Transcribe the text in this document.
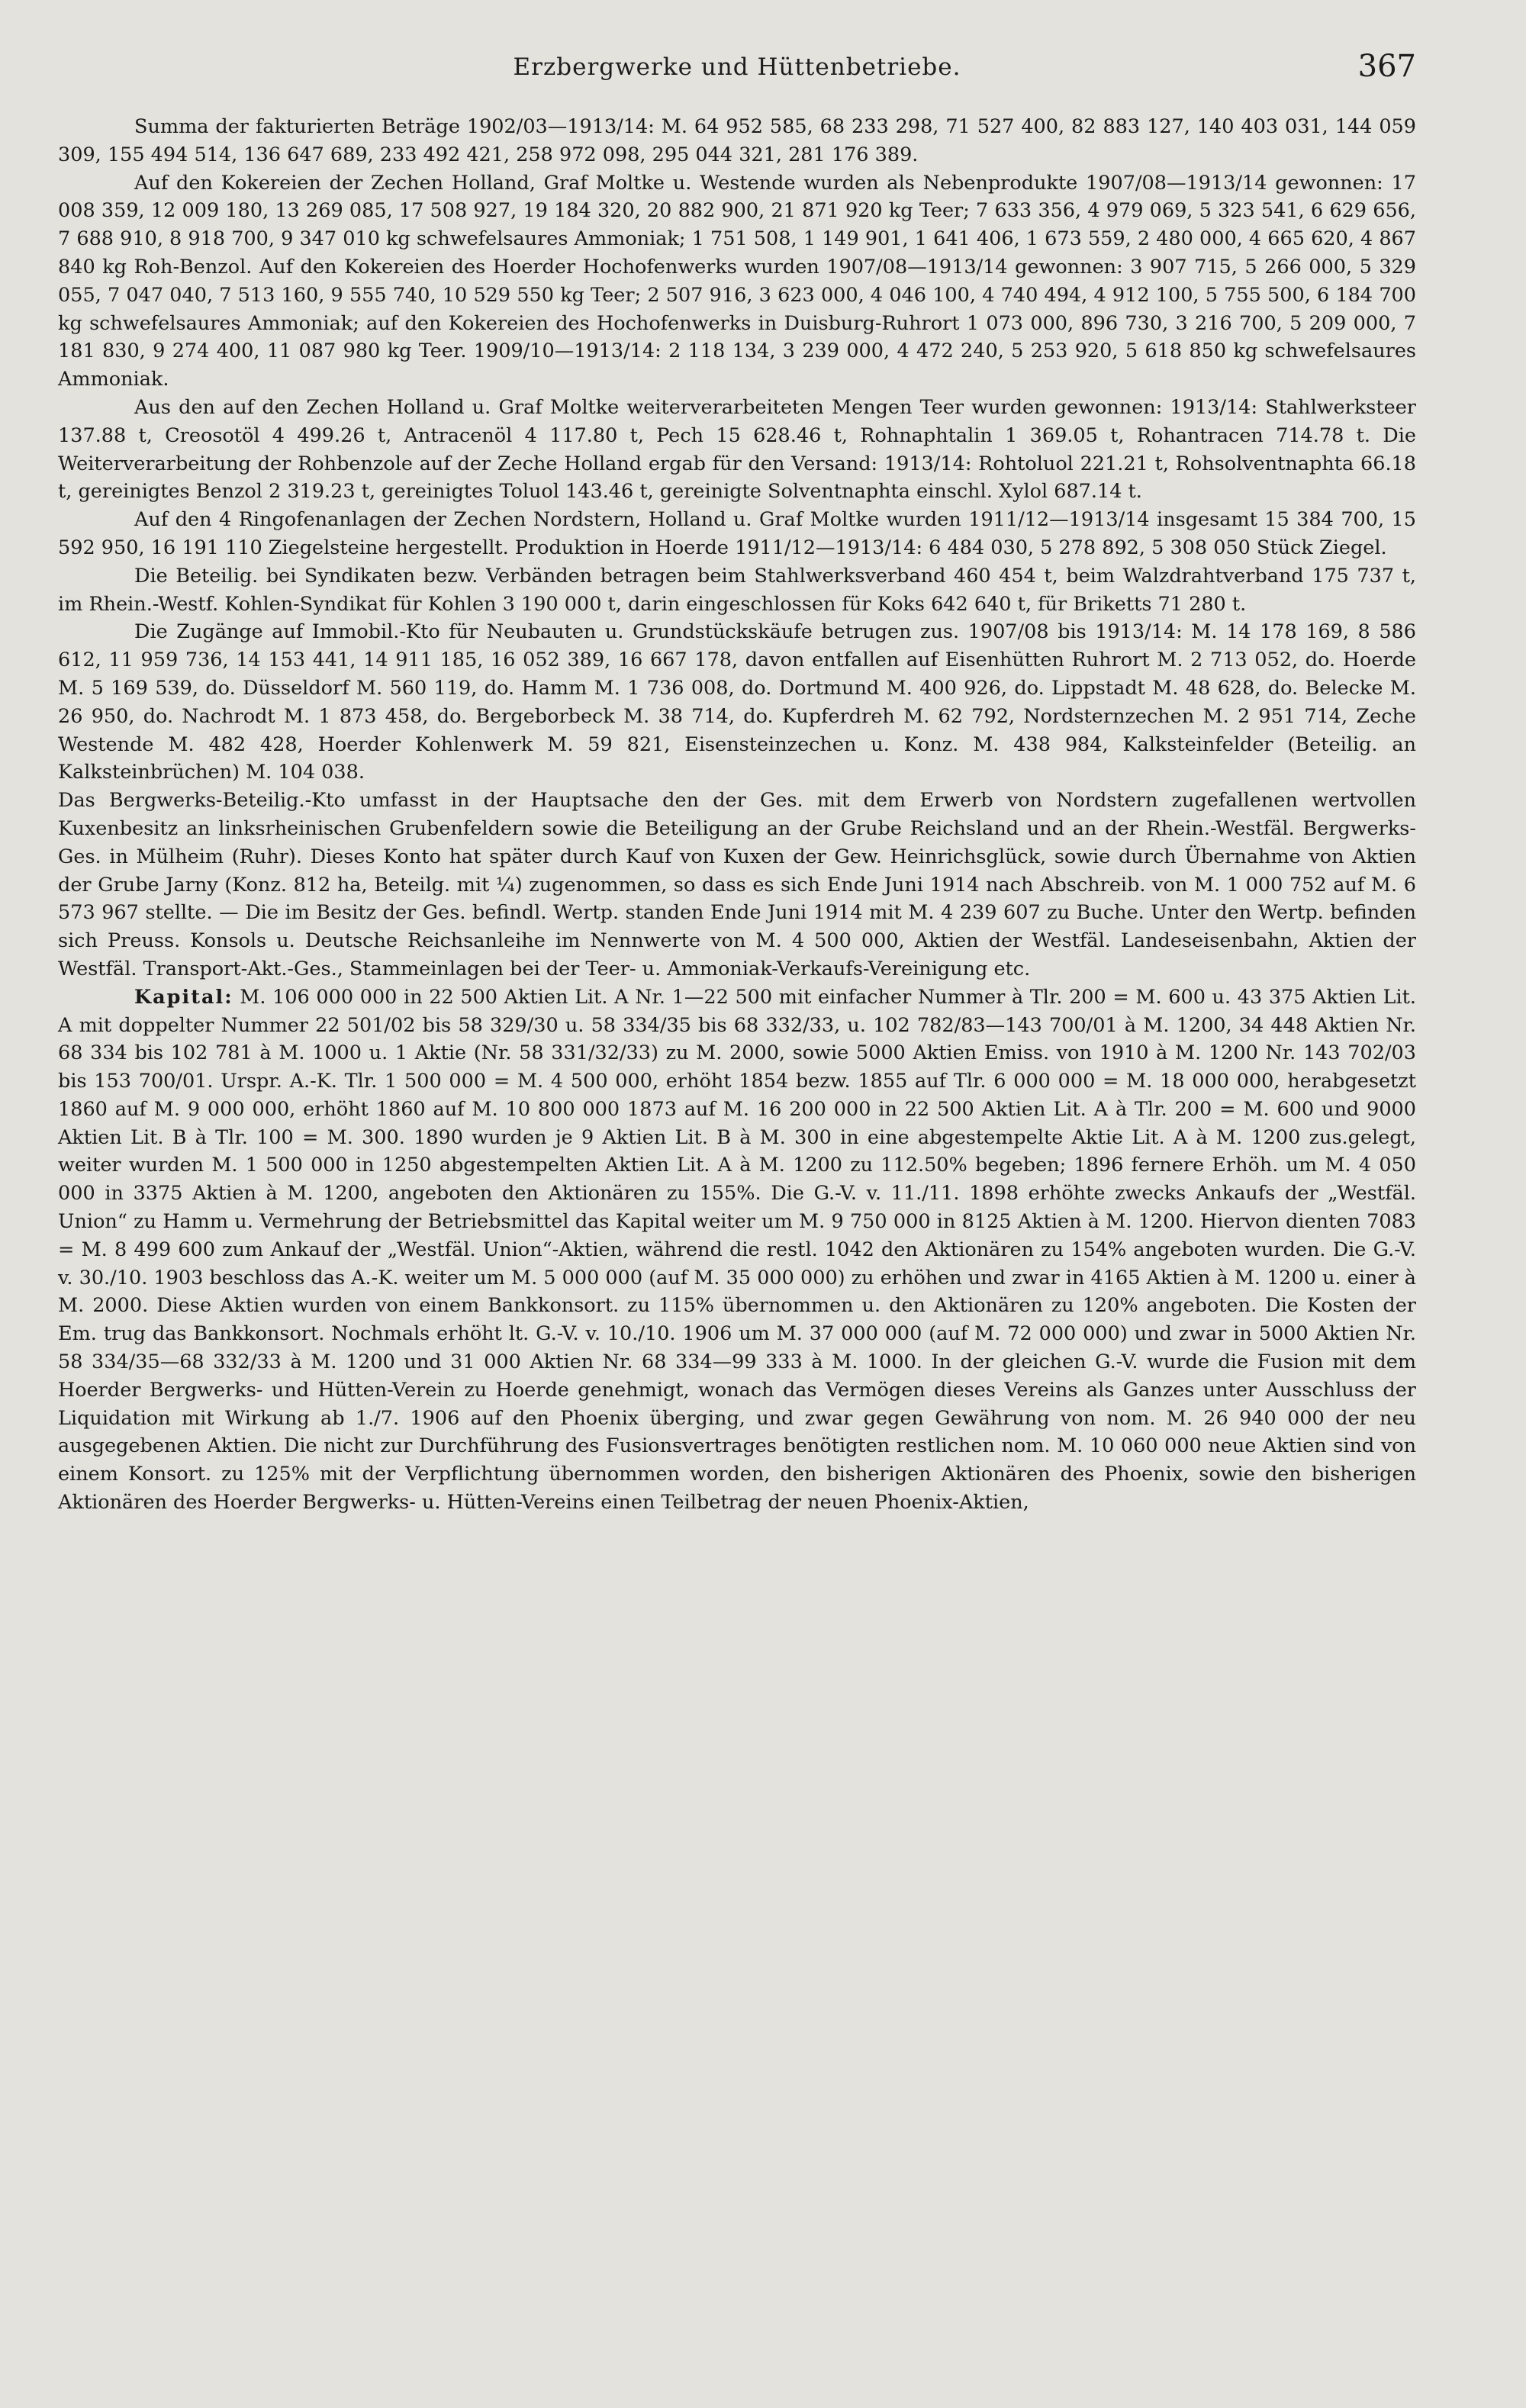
Erzbergwerke und Hüttenbetriebe.	367

Summa der fakturierten Beträge 1902/03—1913/14: M. 64 952 585, 68 233 298, 71 527 400, 82 883 127, 140 403 031, 144 059 309, 155 494 514, 136 647 689, 233 492 421, 258 972 098, 295 044 321, 281 176 389.

Auf den Kokereien der Zechen Holland, Graf Moltke u. Westende wurden als Nebenprodukte 1907/08—1913/14 gewonnen: 17 008 359, 12 009 180, 13 269 085, 17 508 927, 19 184 320, 20 882 900, 21 871 920 kg Teer; 7 633 356, 4 979 069, 5 323 541, 6 629 656, 7 688 910, 8 918 700, 9 347 010 kg schwefelsaures Ammoniak; 1 751 508, 1 149 901, 1 641 406, 1 673 559, 2 480 000, 4 665 620, 4 867 840 kg Roh-Benzol. Auf den Kokereien des Hoerder Hochofenwerks wurden 1907/08—1913/14 gewonnen: 3 907 715, 5 266 000, 5 329 055, 7 047 040, 7 513 160, 9 555 740, 10 529 550 kg Teer; 2 507 916, 3 623 000, 4 046 100, 4 740 494, 4 912 100, 5 755 500, 6 184 700 kg schwefelsaures Ammoniak; auf den Kokereien des Hochofenwerks in Duisburg-Ruhrort 1 073 000, 896 730, 3 216 700, 5 209 000, 7 181 830, 9 274 400, 11 087 980 kg Teer. 1909/10—1913/14: 2 118 134, 3 239 000, 4 472 240, 5 253 920, 5 618 850 kg schwefelsaures Ammoniak.

Aus den auf den Zechen Holland u. Graf Moltke weiterverarbeiteten Mengen Teer wurden gewonnen: 1913/14: Stahlwerksteer 137.88 t, Creosotöl 4 499.26 t, Antracenöl 4 117.80 t, Pech 15 628.46 t, Rohnaphtalin 1 369.05 t, Rohantracen 714.78 t. Die Weiterverarbeitung der Rohbenzole auf der Zeche Holland ergab für den Versand: 1913/14: Rohtoluol 221.21 t, Rohsolventnaphta 66.18 t, gereinigtes Benzol 2 319.23 t, gereinigtes Toluol 143.46 t, gereinigte Solventnaphta einschl. Xylol 687.14 t.

Auf den 4 Ringofenanlagen der Zechen Nordstern, Holland u. Graf Moltke wurden 1911/12—1913/14 insgesamt 15 384 700, 15 592 950, 16 191 110 Ziegelsteine hergestellt. Produktion in Hoerde 1911/12—1913/14: 6 484 030, 5 278 892, 5 308 050 Stück Ziegel.

Die Beteilig. bei Syndikaten bezw. Verbänden betragen beim Stahlwerksverband 460 454 t, beim Walzdrahtverband 175 737 t, im Rhein.-Westf. Kohlen-Syndikat für Kohlen 3 190 000 t, darin eingeschlossen für Koks 642 640 t, für Briketts 71 280 t.

Die Zugänge auf Immobil.-Kto für Neubauten u. Grundstückskäufe betrugen zus. 1907/08 bis 1913/14: M. 14 178 169, 8 586 612, 11 959 736, 14 153 441, 14 911 185, 16 052 389, 16 667 178, davon entfallen auf Eisenhütten Ruhrort M. 2 713 052, do. Hoerde M. 5 169 539, do. Düsseldorf M. 560 119, do. Hamm M. 1 736 008, do. Dortmund M. 400 926, do. Lippstadt M. 48 628, do. Belecke M. 26 950, do. Nachrodt M. 1 873 458, do. Bergeborbeck M. 38 714, do. Kupferdreh M. 62 792, Nordsternzechen M. 2 951 714, Zeche Westende M. 482 428, Hoerder Kohlenwerk M. 59 821, Eisensteinzechen u. Konz. M. 438 984, Kalksteinfelder (Beteilig. an Kalksteinbrüchen) M. 104 038.

Das Bergwerks-Beteilig.-Kto umfasst in der Hauptsache den der Ges. mit dem Erwerb von Nordstern zugefallenen wertvollen Kuxenbesitz an linksrheinischen Grubenfeldern sowie die Beteiligung an der Grube Reichsland und an der Rhein.-Westfäl. Bergwerks-Ges. in Mülheim (Ruhr). Dieses Konto hat später durch Kauf von Kuxen der Gew. Heinrichsglück, sowie durch Übernahme von Aktien der Grube Jarny (Konz. 812 ha, Beteilg. mit ¼) zugenommen, so dass es sich Ende Juni 1914 nach Abschreib. von M. 1 000 752 auf M. 6 573 967 stellte. — Die im Besitz der Ges. befindl. Wertp. standen Ende Juni 1914 mit M. 4 239 607 zu Buche. Unter den Wertp. befinden sich Preuss. Konsols u. Deutsche Reichsanleihe im Nennwerte von M. 4 500 000, Aktien der Westfäl. Landeseisenbahn, Aktien der Westfäl. Transport-Akt.-Ges., Stammeinlagen bei der Teer- u. Ammoniak-Verkaufs-Vereinigung etc.

Kapital: M. 106 000 000 in 22 500 Aktien Lit. A Nr. 1—22 500 mit einfacher Nummer à Tlr. 200 = M. 600 u. 43 375 Aktien Lit. A mit doppelter Nummer 22 501/02 bis 58 329/30 u. 58 334/35 bis 68 332/33, u. 102 782/83—143 700/01 à M. 1200, 34 448 Aktien Nr. 68 334 bis 102 781 à M. 1000 u. 1 Aktie (Nr. 58 331/32/33) zu M. 2000, sowie 5000 Aktien Emiss. von 1910 à M. 1200 Nr. 143 702/03 bis 153 700/01. Urspr. A.-K. Tlr. 1 500 000 = M. 4 500 000, erhöht 1854 bezw. 1855 auf Tlr. 6 000 000 = M. 18 000 000, herabgesetzt 1860 auf M. 9 000 000, erhöht 1860 auf M. 10 800 000 1873 auf M. 16 200 000 in 22 500 Aktien Lit. A à Tlr. 200 = M. 600 und 9000 Aktien Lit. B à Tlr. 100 = M. 300. 1890 wurden je 9 Aktien Lit. B à M. 300 in eine abgestempelte Aktie Lit. A à M. 1200 zus.gelegt, weiter wurden M. 1 500 000 in 1250 abgestempelten Aktien Lit. A à M. 1200 zu 112.50% begeben; 1896 fernere Erhöh. um M. 4 050 000 in 3375 Aktien à M. 1200, angeboten den Aktionären zu 155%. Die G.-V. v. 11./11. 1898 erhöhte zwecks Ankaufs der „Westfäl. Union“ zu Hamm u. Vermehrung der Betriebsmittel das Kapital weiter um M. 9 750 000 in 8125 Aktien à M. 1200. Hiervon dienten 7083 = M. 8 499 600 zum Ankauf der „Westfäl. Union“-Aktien, während die restl. 1042 den Aktionären zu 154% angeboten wurden. Die G.-V. v. 30./10. 1903 beschloss das A.-K. weiter um M. 5 000 000 (auf M. 35 000 000) zu erhöhen und zwar in 4165 Aktien à M. 1200 u. einer à M. 2000. Diese Aktien wurden von einem Bankkonsort. zu 115% übernommen u. den Aktionären zu 120% angeboten. Die Kosten der Em. trug das Bankkonsort. Nochmals erhöht lt. G.-V. v. 10./10. 1906 um M. 37 000 000 (auf M. 72 000 000) und zwar in 5000 Aktien Nr. 58 334/35—68 332/33 à M. 1200 und 31 000 Aktien Nr. 68 334—99 333 à M. 1000. In der gleichen G.-V. wurde die Fusion mit dem Hoerder Bergwerks- und Hütten-Verein zu Hoerde genehmigt, wonach das Vermögen dieses Vereins als Ganzes unter Ausschluss der Liquidation mit Wirkung ab 1./7. 1906 auf den Phoenix überging, und zwar gegen Gewährung von nom. M. 26 940 000 der neu ausgegebenen Aktien. Die nicht zur Durchführung des Fusionsvertrages benötigten restlichen nom. M. 10 060 000 neue Aktien sind von einem Konsort. zu 125% mit der Verpflichtung übernommen worden, den bisherigen Aktionären des Phoenix, sowie den bisherigen Aktionären des Hoerder Bergwerks- u. Hütten-Vereins einen Teilbetrag der neuen Phoenix-Aktien,
